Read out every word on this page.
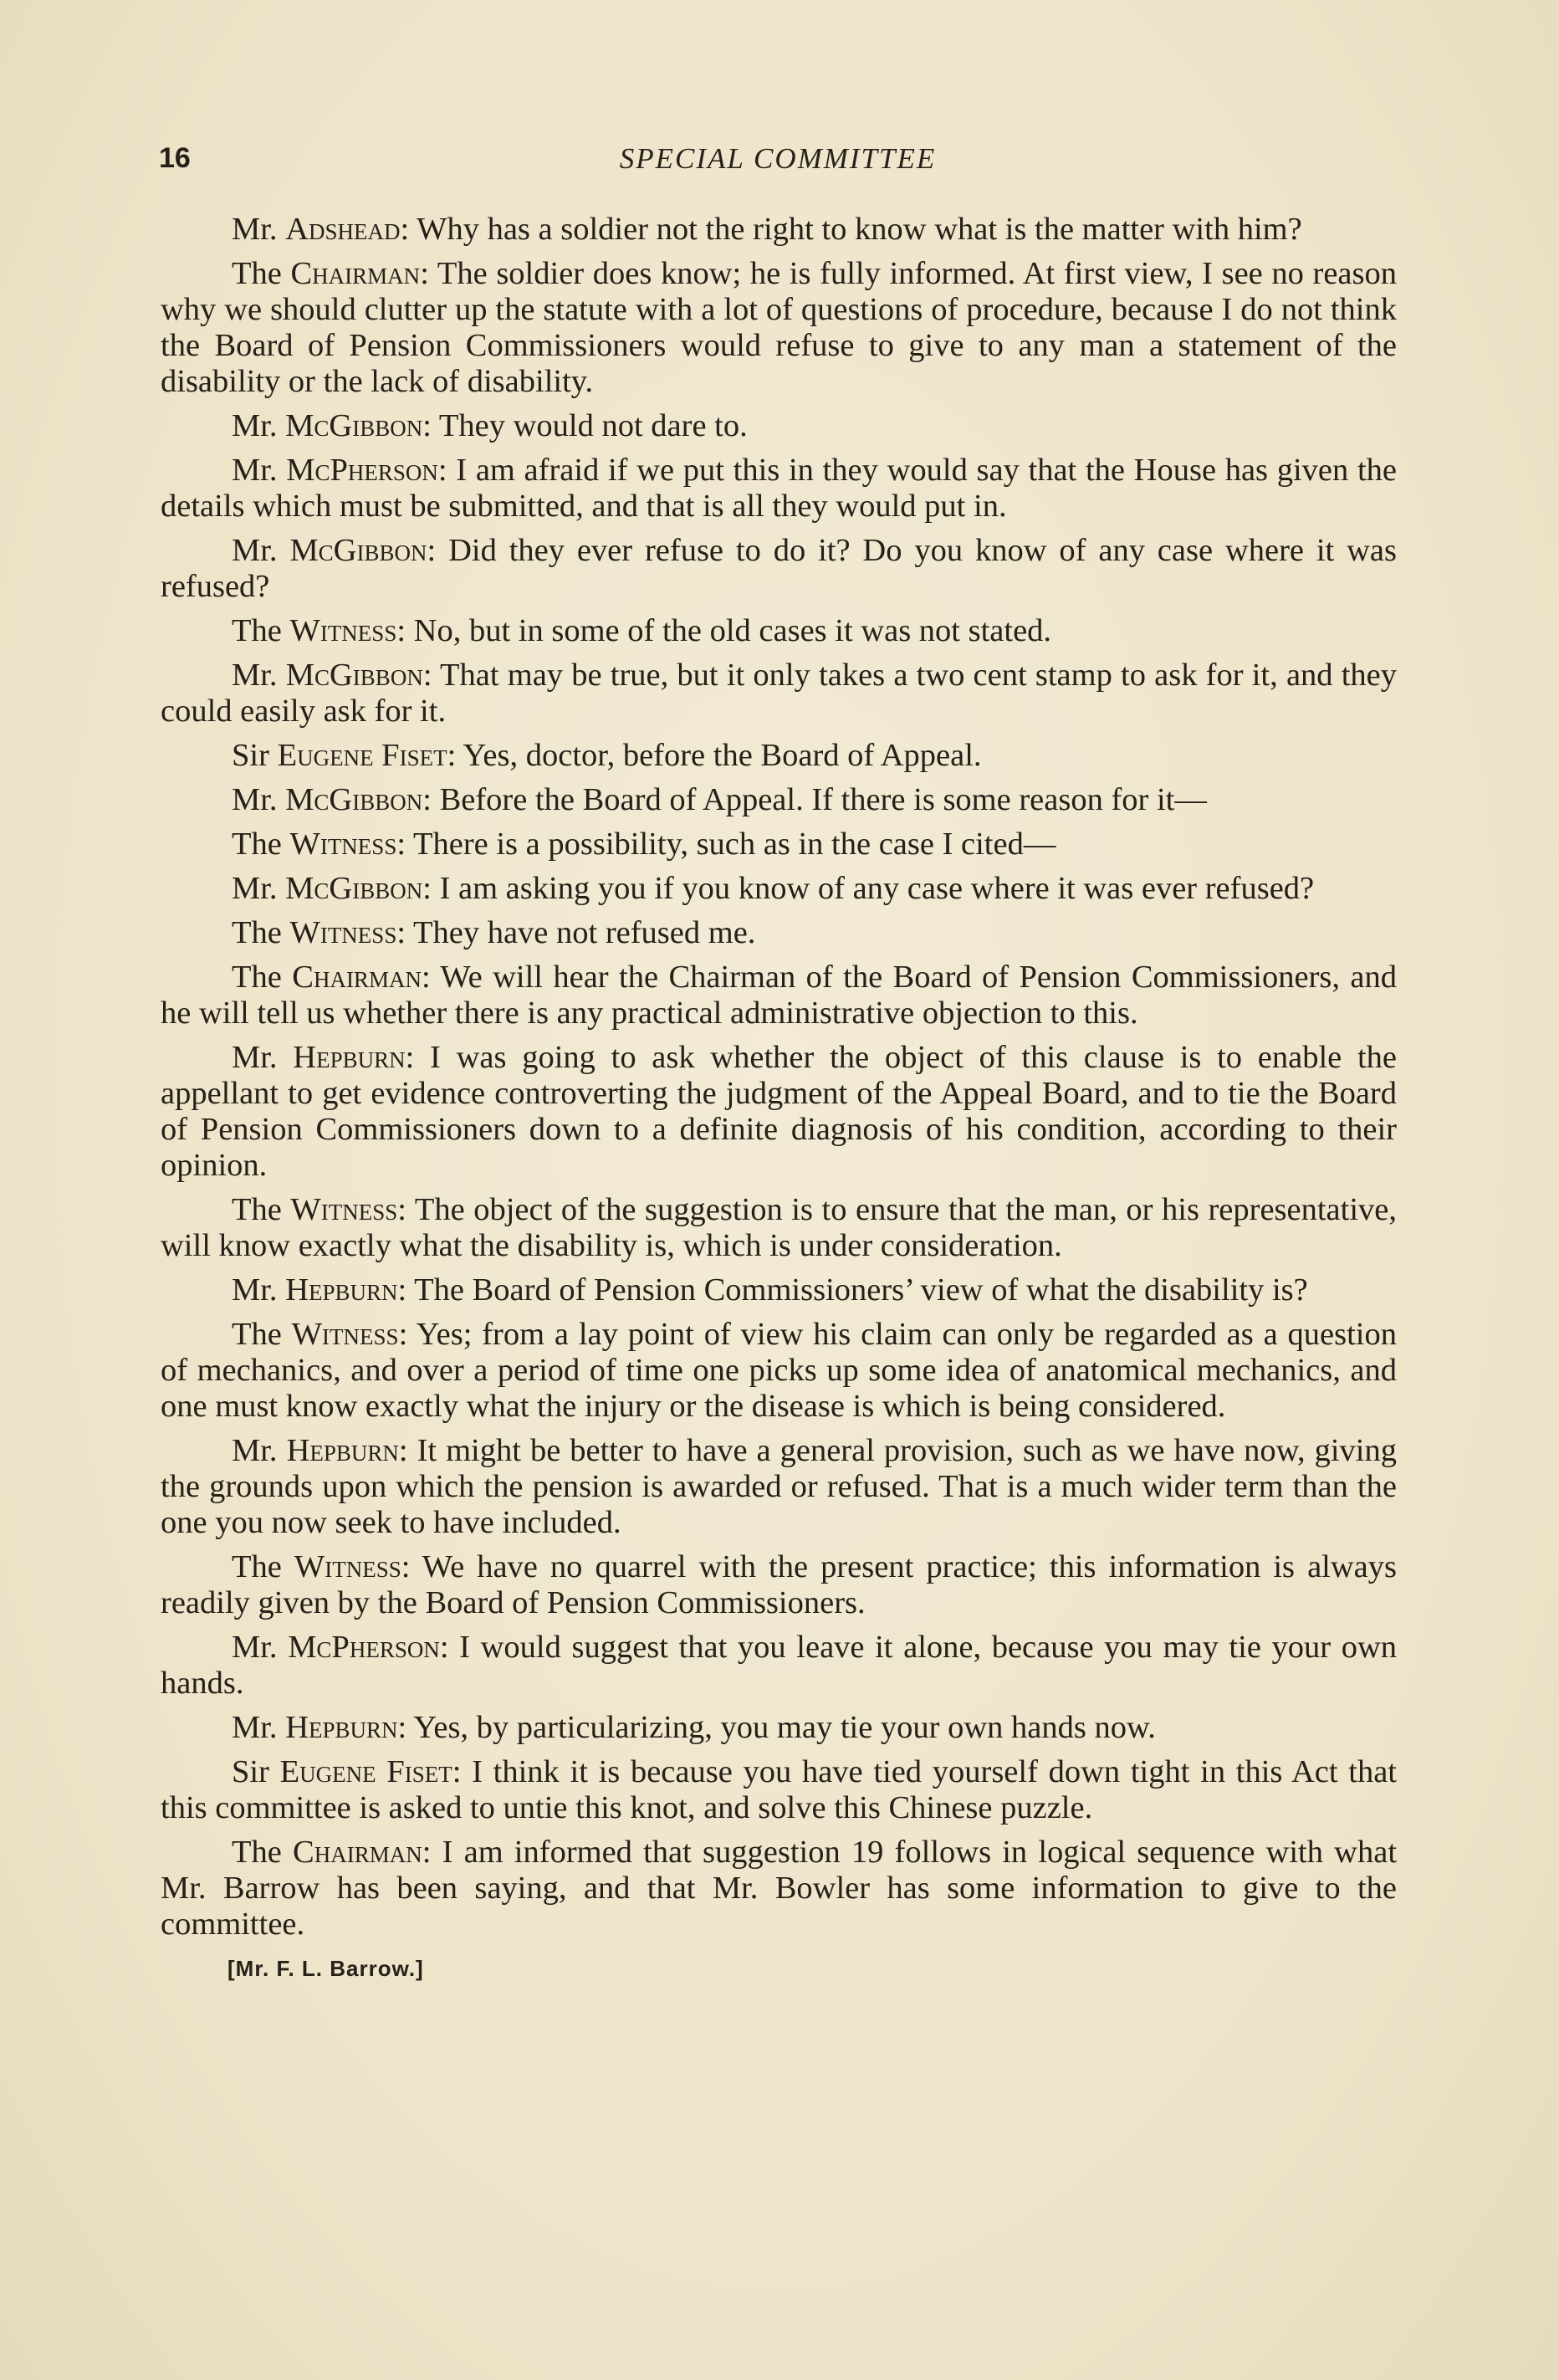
16	SPECIAL COMMITTEE

Mr. Adshead: Why has a soldier not the right to know what is the matter with him?

The Chairman: The soldier does know; he is fully informed. At first view, I see no reason why we should clutter up the statute with a lot of questions of procedure, because I do not think the Board of Pension Commissioners would refuse to give to any man a statement of the disability or the lack of disability.

Mr. McGibbon: They would not dare to.

Mr. McPherson: I am afraid if we put this in they would say that the House has given the details which must be submitted, and that is all they would put in.

Mr. McGibbon: Did they ever refuse to do it? Do you know of any case where it was refused?

The Witness: No, but in some of the old cases it was not stated.

Mr. McGibbon: That may be true, but it only takes a two cent stamp to ask for it, and they could easily ask for it.

Sir Eugene Fiset: Yes, doctor, before the Board of Appeal.

Mr. McGibbon: Before the Board of Appeal. If there is some reason for it—

The Witness: There is a possibility, such as in the case I cited—

Mr. McGibbon: I am asking you if you know of any case where it was ever refused?

The Witness: They have not refused me.

The Chairman: We will hear the Chairman of the Board of Pension Commissioners, and he will tell us whether there is any practical administrative objection to this.

Mr. Hepburn: I was going to ask whether the object of this clause is to enable the appellant to get evidence controverting the judgment of the Appeal Board, and to tie the Board of Pension Commissioners down to a definite diagnosis of his condition, according to their opinion.

The Witness: The object of the suggestion is to ensure that the man, or his representative, will know exactly what the disability is, which is under consideration.

Mr. Hepburn: The Board of Pension Commissioners’ view of what the disability is?

The Witness: Yes; from a lay point of view his claim can only be regarded as a question of mechanics, and over a period of time one picks up some idea of anatomical mechanics, and one must know exactly what the injury or the disease is which is being considered.

Mr. Hepburn: It might be better to have a general provision, such as we have now, giving the grounds upon which the pension is awarded or refused. That is a much wider term than the one you now seek to have included.

The Witness: We have no quarrel with the present practice; this information is always readily given by the Board of Pension Commissioners.

Mr. McPherson: I would suggest that you leave it alone, because you may tie your own hands.

Mr. Hepburn: Yes, by particularizing, you may tie your own hands now.

Sir Eugene Fiset: I think it is because you have tied yourself down tight in this Act that this committee is asked to untie this knot, and solve this Chinese puzzle.

The Chairman: I am informed that suggestion 19 follows in logical sequence with what Mr. Barrow has been saying, and that Mr. Bowler has some information to give to the committee.

[Mr. F. L. Barrow.]
